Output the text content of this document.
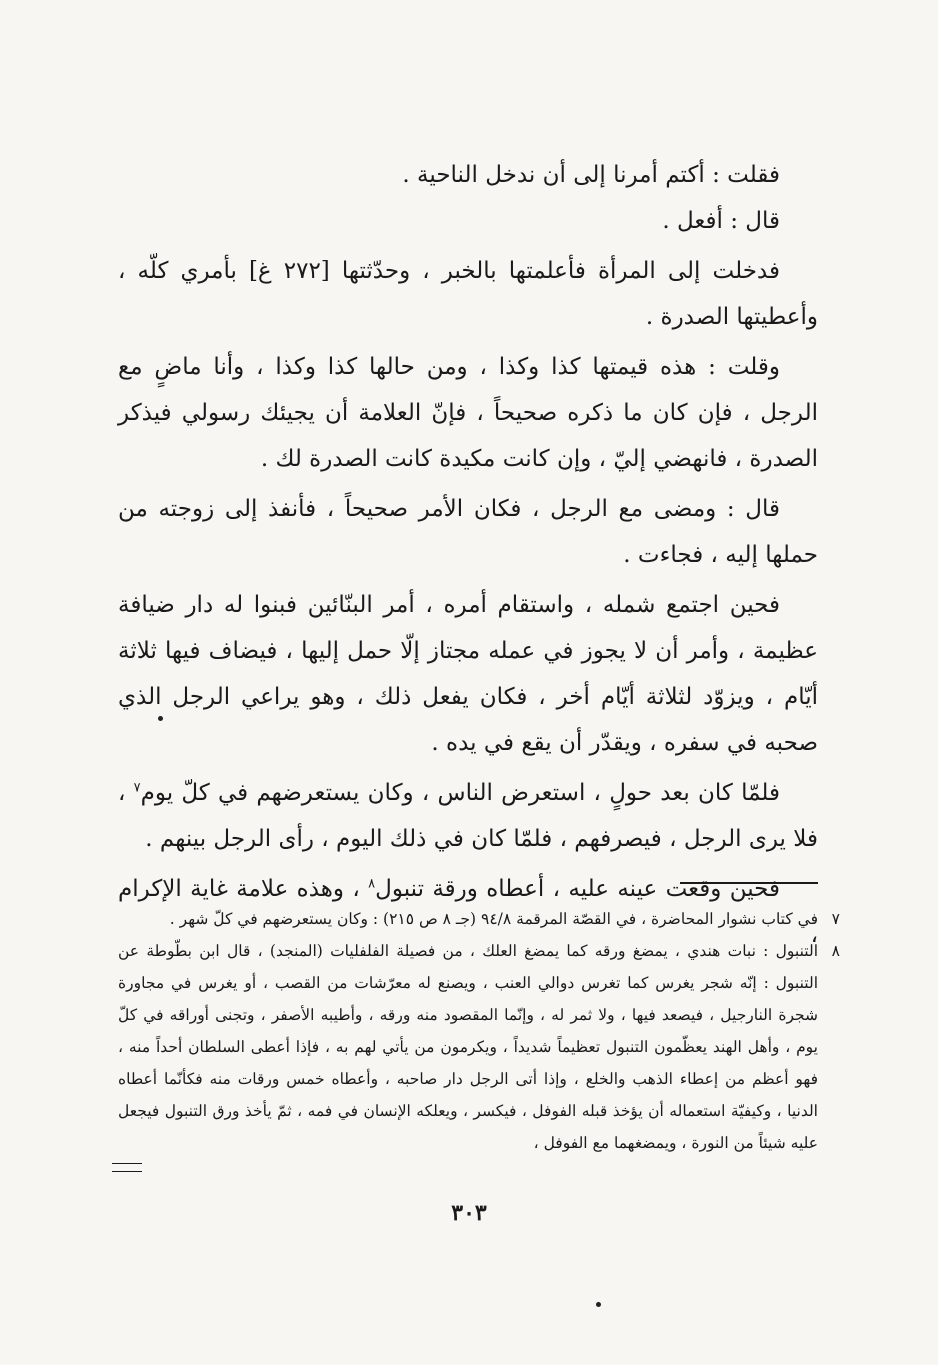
فقلت : أكتم أمرنا إلى أن ندخل الناحية .

قال : أفعل .

فدخلت إلى المرأة فأعلمتها بالخبر ، وحدّثتها [٢٧٢ غ] بأمري كلّه ، وأعطيتها الصدرة .

وقلت : هذه قيمتها كذا وكذا ، ومن حالها كذا وكذا ، وأنا ماضٍ مع الرجل ، فإن كان ما ذكره صحيحاً ، فإنّ العلامة أن يجيئك رسولي فيذكر الصدرة ، فانهضي إليّ ، وإن كانت مكيدة كانت الصدرة لك .

قال : ومضى مع الرجل ، فكان الأمر صحيحاً ، فأنفذ إلى زوجته من حملها إليه ، فجاءت .

فحين اجتمع شمله ، واستقام أمره ، أمر البنّائين فبنوا له دار ضيافة عظيمة ، وأمر أن لا يجوز في عمله مجتاز إلّا حمل إليها ، فيضاف فيها ثلاثة أيّام ، ويزوّد لثلاثة أيّام أخر ، فكان يفعل ذلك ، وهو يراعي الرجل الذي صحبه في سفره ، ويقدّر أن يقع في يده .

فلمّا كان بعد حولٍ ، استعرض الناس ، وكان يستعرضهم في كلّ يوم$^٧$ ، فلا يرى الرجل ، فيصرفهم ، فلمّا كان في ذلك اليوم ، رأى الرجل بينهم .

فحين وقعت عينه عليه ، أعطاه ورقة تنبول$^٨$ ، وهذه علامة غاية الإكرام ،

٧
في كتاب نشوار المحاضرة ، في القصّة المرقمة ٩٤/٨ (جـ ٨ ص ٢١٥) : وكان يستعرضهم في كلّ شهر .
٨
التنبول : نبات هندي ، يمضغ ورقه كما يمضغ العلك ، من فصيلة الفلفليات (المنجد) ، قال ابن بطّوطة عن التنبول : إنّه شجر يغرس كما تغرس دوالي العنب ، ويصنع له معرّشات من القصب ، أو يغرس في مجاورة شجرة النارجيل ، فيصعد فيها ، ولا ثمر له ، وإنّما المقصود منه ورقه ، وأطيبه الأصفر ، وتجنى أوراقه في كلّ يوم ، وأهل الهند يعظّمون التنبول تعظيماً شديداً ، ويكرمون من يأتي لهم به ، فإذا أعطى السلطان أحداً منه ، فهو أعظم من إعطاء الذهب والخلع ، وإذا أتى الرجل دار صاحبه ، وأعطاه خمس ورقات منه فكأنّما أعطاه الدنيا ، وكيفيّة استعماله أن يؤخذ قبله الفوفل ، فيكسر ، ويعلكه الإنسان في فمه ، ثمّ يأخذ ورق التنبول فيجعل عليه شيئاً من النورة ، ويمضغهما مع الفوفل ،
٣٠٣
